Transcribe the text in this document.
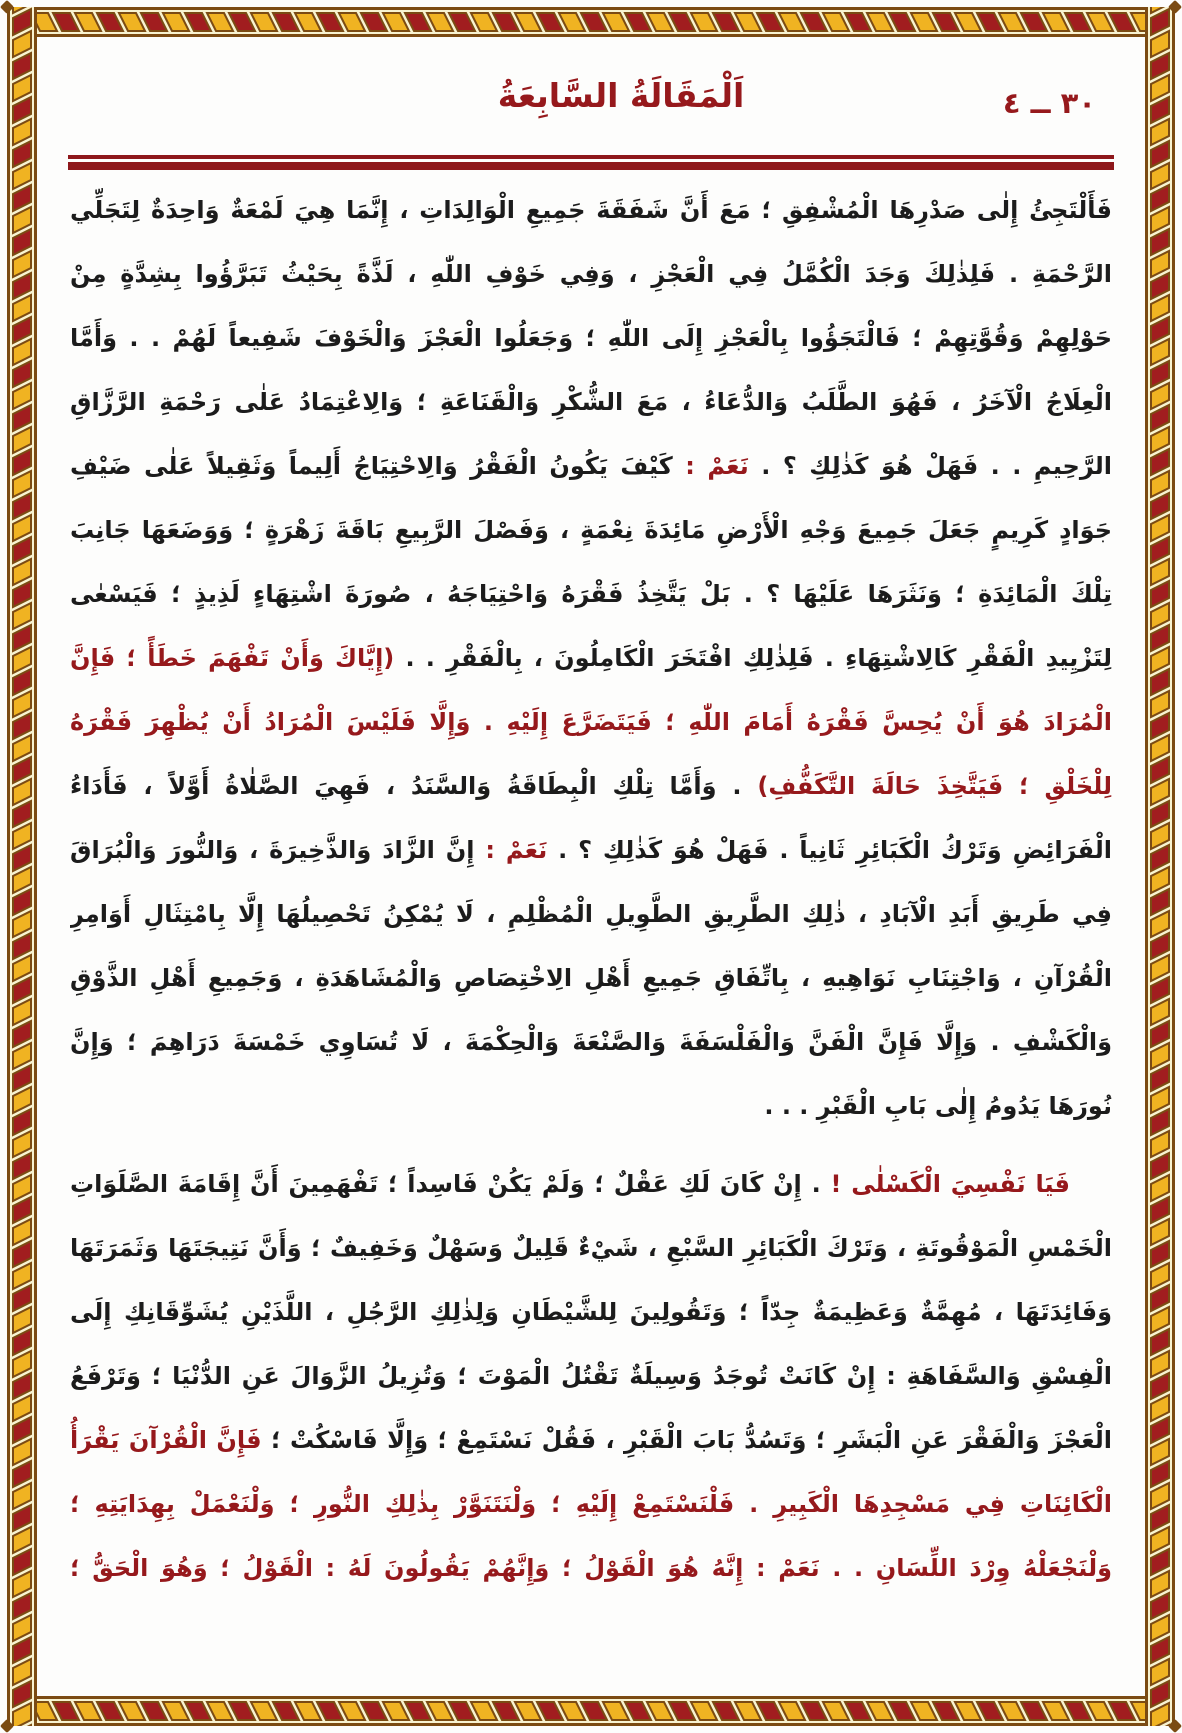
٣٠ ــ ٤
اَلْمَقَالَةُ السَّابِعَةُ
فَأَلْتَجِئُ إِلٰى صَدْرِهَا الْمُشْفِقِ ؛ مَعَ أَنَّ شَفَقَةَ جَمِيعِ الْوَالِدَاتِ ، إِنَّمَا هِيَ لَمْعَةٌ وَاحِدَةٌ لِتَجَلِّي
الرَّحْمَةِ . فَلِذٰلِكَ وَجَدَ الْكُمَّلُ فِي الْعَجْزِ ، وَفِي خَوْفِ اللّٰهِ ، لَذَّةً بِحَيْثُ تَبَرَّؤُوا بِشِدَّةٍ مِنْ
حَوْلِهِمْ وَقُوَّتِهِمْ ؛ فَالْتَجَؤُوا بِالْعَجْزِ إِلَى اللّٰهِ ؛ وَجَعَلُوا الْعَجْزَ وَالْخَوْفَ شَفِيعاً لَهُمْ . . وَأَمَّا
الْعِلَاجُ الْآخَرُ ، فَهُوَ الطَّلَبُ وَالدُّعَاءُ ، مَعَ الشُّكْرِ وَالْقَنَاعَةِ ؛ وَالِاعْتِمَادُ عَلٰى رَحْمَةِ الرَّزَّاقِ
الرَّحِيمِ . . فَهَلْ هُوَ كَذٰلِكِ ؟ . نَعَمْ : كَيْفَ يَكُونُ الْفَقْرُ وَالِاحْتِيَاجُ أَلِيماً وَثَقِيلاً عَلٰى ضَيْفِ
جَوَادٍ كَرِيمٍ جَعَلَ جَمِيعَ وَجْهِ الْأَرْضِ مَائِدَةَ نِعْمَةٍ ، وَفَصْلَ الرَّبِيعِ بَاقَةَ زَهْرَةٍ ؛ وَوَضَعَهَا جَانِبَ
تِلْكَ الْمَائِدَةِ ؛ وَنَثَرَهَا عَلَيْهَا ؟ . بَلْ يَتَّخِذُ فَقْرَهُ وَاحْتِيَاجَهُ ، صُورَةَ اشْتِهَاءٍ لَذِيذٍ ؛ فَيَسْعٰى
لِتَزْيِيدِ الْفَقْرِ كَالِاشْتِهَاءِ . فَلِذٰلِكِ افْتَخَرَ الْكَامِلُونَ ، بِالْفَقْرِ . . (إِيَّاكَ وَأَنْ تَفْهَمَ خَطَأً ؛ فَإِنَّ
الْمُرَادَ هُوَ أَنْ يُحِسَّ فَقْرَهُ أَمَامَ اللّٰهِ ؛ فَيَتَضَرَّعَ إِلَيْهِ . وَإِلَّا فَلَيْسَ الْمُرَادُ أَنْ يُظْهِرَ فَقْرَهُ
لِلْخَلْقِ ؛ فَيَتَّخِذَ حَالَةَ التَّكَفُّفِ) . وَأَمَّا تِلْكِ الْبِطَاقَةُ وَالسَّنَدُ ، فَهِيَ الصَّلٰاةُ أَوَّلاً ، فَأَدَاءُ
الْفَرَائِضِ وَتَرْكُ الْكَبَائِرِ ثَانِياً . فَهَلْ هُوَ كَذٰلِكِ ؟ . نَعَمْ : إِنَّ الزَّادَ وَالذَّخِيرَةَ ، وَالنُّورَ وَالْبُرَاقَ
فِي طَرِيقِ أَبَدِ الْآبَادِ ، ذٰلِكِ الطَّرِيقِ الطَّوِيلِ الْمُظْلِمِ ، لَا يُمْكِنُ تَحْصِيلُهَا إِلَّا بِامْتِثَالِ أَوَامِرِ
الْقُرْآنِ ، وَاجْتِنَابِ نَوَاهِيهِ ، بِاتِّفَاقِ جَمِيعِ أَهْلِ الِاخْتِصَاصِ وَالْمُشَاهَدَةِ ، وَجَمِيعِ أَهْلِ الذَّوْقِ
وَالْكَشْفِ . وَإِلَّا فَإِنَّ الْفَنَّ وَالْفَلْسَفَةَ وَالصَّنْعَةَ وَالْحِكْمَةَ ، لَا تُسَاوِي خَمْسَةَ دَرَاهِمَ ؛ وَإِنَّ
نُورَهَا يَدُومُ إِلٰى بَابِ الْقَبْرِ . . .
فَيَا نَفْسِيَ الْكَسْلٰى ! . إِنْ كَانَ لَكِ عَقْلٌ ؛ وَلَمْ يَكُنْ فَاسِداً ؛ تَفْهَمِينَ أَنَّ إِقَامَةَ الصَّلَوَاتِ
الْخَمْسِ الْمَوْقُوتَةِ ، وَتَرْكَ الْكَبَائِرِ السَّبْعِ ، شَيْءٌ قَلِيلٌ وَسَهْلٌ وَخَفِيفٌ ؛ وَأَنَّ نَتِيجَتَهَا وَثَمَرَتَهَا
وَفَائِدَتَهَا ، مُهِمَّةٌ وَعَظِيمَةٌ جِدّاً ؛ وَتَقُولِينَ لِلشَّيْطَانِ وَلِذٰلِكِ الرَّجُلِ ، اللَّذَيْنِ يُشَوِّقَانِكِ إِلَى
الْفِسْقِ وَالسَّفَاهَةِ : إِنْ كَانَتْ تُوجَدُ وَسِيلَةٌ تَقْتُلُ الْمَوْتَ ؛ وَتُزِيلُ الزَّوَالَ عَنِ الدُّنْيَا ؛ وَتَرْفَعُ
الْعَجْزَ وَالْفَقْرَ عَنِ الْبَشَرِ ؛ وَتَسُدُّ بَابَ الْقَبْرِ ، فَقُلْ نَسْتَمِعْ ؛ وَإِلَّا فَاسْكُتْ ؛ فَإِنَّ الْقُرْآنَ يَقْرَأُ
الْكَائِنَاتِ فِي مَسْجِدِهَا الْكَبِيرِ . فَلْنَسْتَمِعْ إِلَيْهِ ؛ وَلْنَتَنَوَّرْ بِذٰلِكِ النُّورِ ؛ وَلْنَعْمَلْ بِهِدَايَتِهِ ؛
وَلْنَجْعَلْهُ وِرْدَ اللِّسَانِ . . نَعَمْ : إِنَّهُ هُوَ الْقَوْلُ ؛ وَإِنَّهُمْ يَقُولُونَ لَهُ : الْقَوْلُ ؛ وَهُوَ الْحَقُّ ؛
